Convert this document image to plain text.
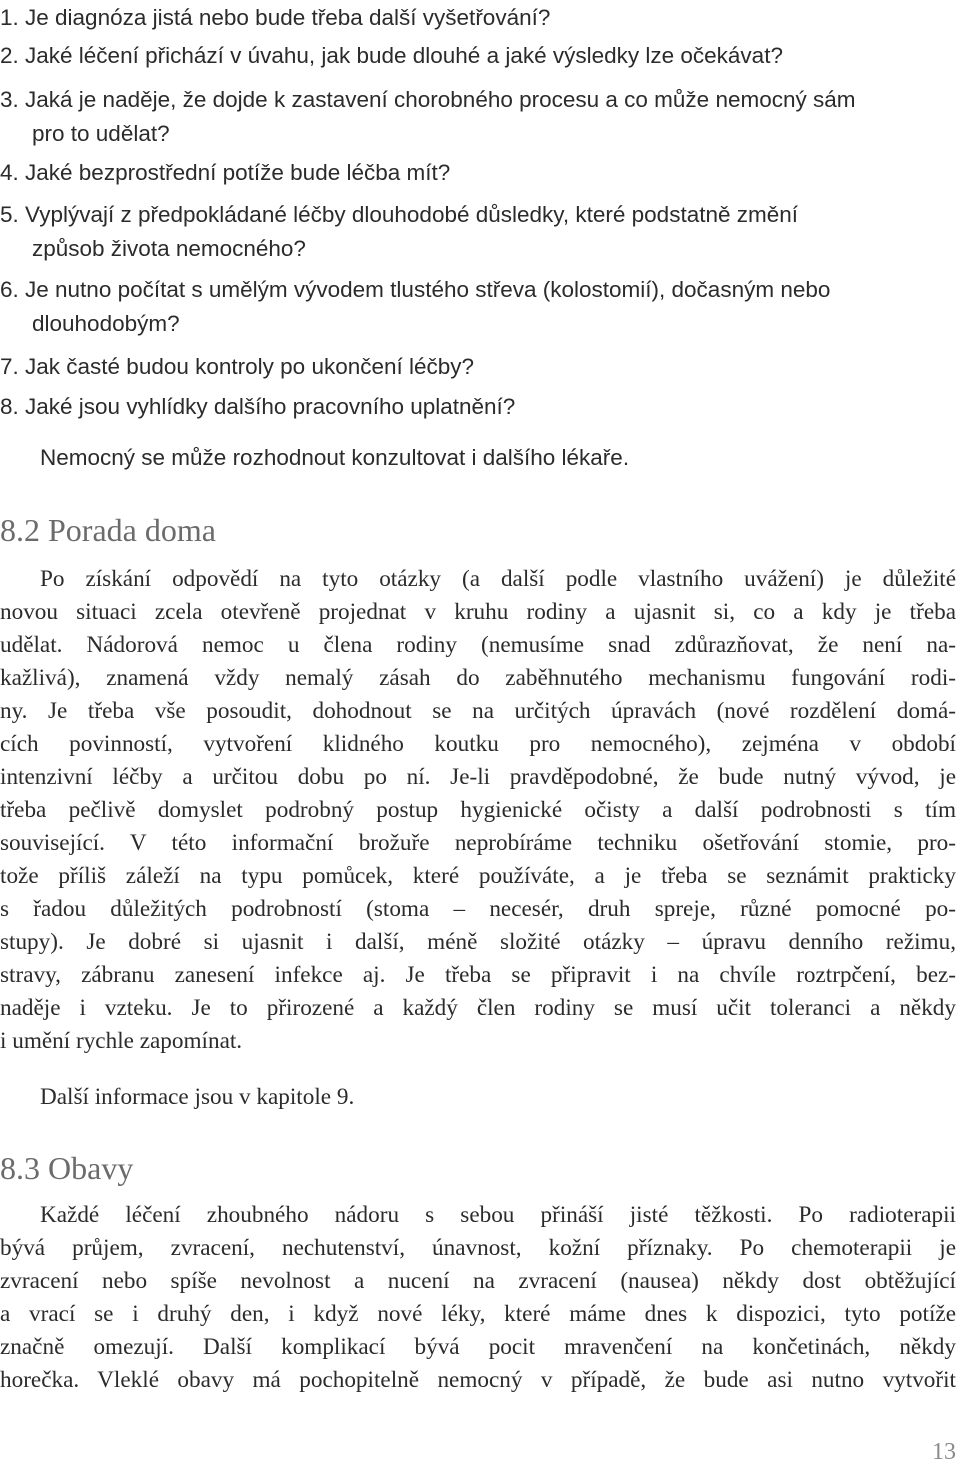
1. Je diagnóza jistá nebo bude třeba další vyšetřování?
2. Jaké léčení přichází v úvahu, jak bude dlouhé a jaké výsledky lze očekávat?
3. Jaká je naděje, že dojde k zastavení chorobného procesu a co může nemocný sám
pro to udělat?
4. Jaké bezprostřední potíže bude léčba mít?
5. Vyplývají z předpokládané léčby dlouhodobé důsledky, které podstatně změní
způsob života nemocného?
6. Je nutno počítat s umělým vývodem tlustého střeva (kolostomií), dočasným nebo
dlouhodobým?
7. Jak časté budou kontroly po ukončení léčby?
8. Jaké jsou vyhlídky dalšího pracovního uplatnění?
Nemocný se může rozhodnout konzultovat i dalšího lékaře.
8.2 Porada doma
Po získání odpovědí na tyto otázky (a další podle vlastního uvážení) je důležité
novou situaci zcela otevřeně projednat v kruhu rodiny a ujasnit si, co a kdy je třeba
udělat. Nádorová nemoc u člena rodiny (nemusíme snad zdůrazňovat, že není na-
kažlivá), znamená vždy nemalý zásah do zaběhnutého mechanismu fungování rodi-
ny. Je třeba vše posoudit, dohodnout se na určitých úpravách (nové rozdělení domá-
cích povinností, vytvoření klidného koutku pro nemocného), zejména v období
intenzivní léčby a určitou dobu po ní. Je-li pravděpodobné, že bude nutný vývod, je
třeba pečlivě domyslet podrobný postup hygienické očisty a další podrobnosti s tím
související. V této informační brožuře neprobíráme techniku ošetřování stomie, pro-
tože příliš záleží na typu pomůcek, které používáte, a je třeba se seznámit prakticky
s řadou důležitých podrobností (stoma – necesér, druh spreje, různé pomocné po-
stupy). Je dobré si ujasnit i další, méně složité otázky – úpravu denního režimu,
stravy, zábranu zanesení infekce aj. Je třeba se připravit i na chvíle roztrpčení, bez-
naděje i vzteku. Je to přirozené a každý člen rodiny se musí učit toleranci a někdy
i umění rychle zapomínat.
Další informace jsou v kapitole 9.
8.3 Obavy
Každé léčení zhoubného nádoru s sebou přináší jisté těžkosti. Po radioterapii
bývá průjem, zvracení, nechutenství, únavnost, kožní příznaky. Po chemoterapii je
zvracení nebo spíše nevolnost a nucení na zvracení (nausea) někdy dost obtěžující
a vrací se i druhý den, i když nové léky, které máme dnes k dispozici, tyto potíže
značně omezují. Další komplikací bývá pocit mravenčení na končetinách, někdy
horečka. Vleklé obavy má pochopitelně nemocný v případě, že bude asi nutno vytvořit
13
